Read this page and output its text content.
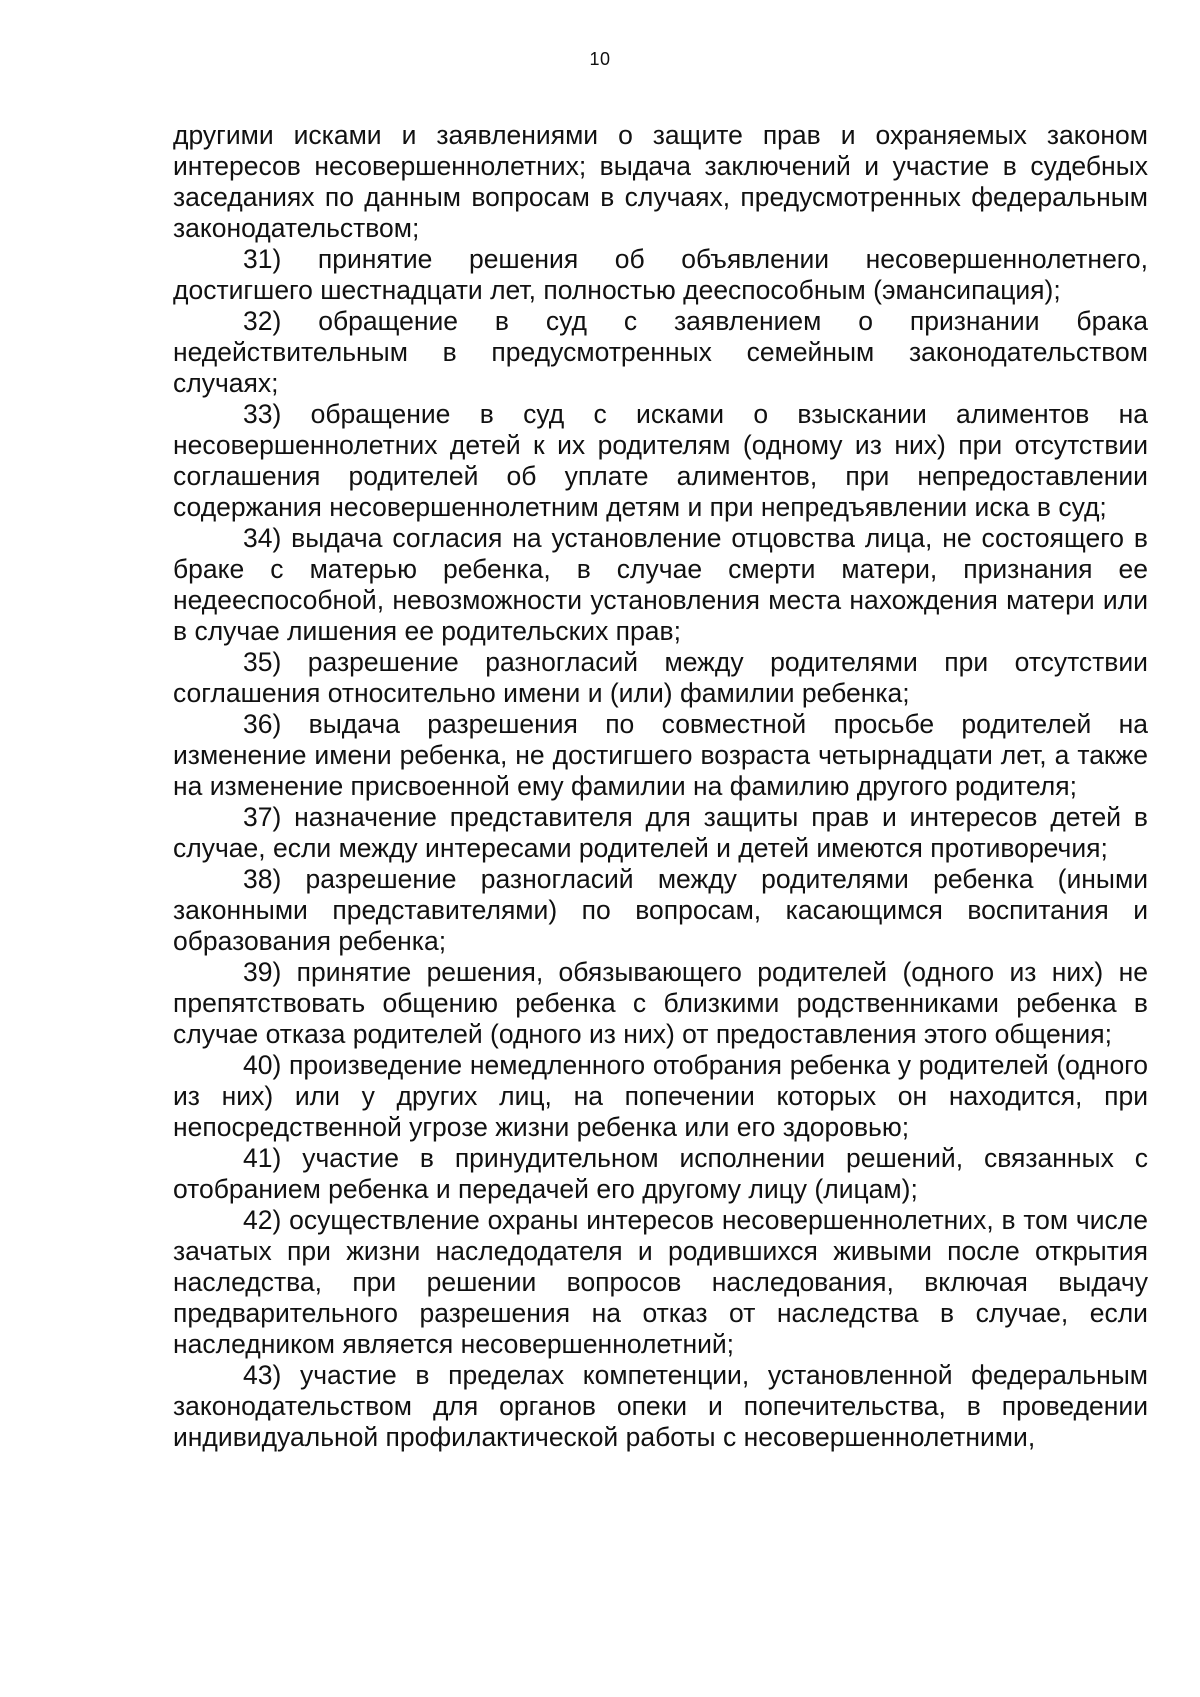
10

другими исками и заявлениями о защите прав и охраняемых законом интересов несовершеннолетних; выдача заключений и участие в судебных заседаниях по данным вопросам в случаях, предусмотренных федеральным законодательством;

31) принятие решения об объявлении несовершеннолетнего, достигшего шестнадцати лет, полностью дееспособным (эмансипация);

32) обращение в суд с заявлением о признании брака недействительным в предусмотренных семейным законодательством случаях;

33) обращение в суд с исками о взыскании алиментов на несовершеннолетних детей к их родителям (одному из них) при отсутствии соглашения родителей об уплате алиментов, при непредоставлении содержания несовершеннолетним детям и при непредъявлении иска в суд;

34) выдача согласия на установление отцовства лица, не состоящего в браке с матерью ребенка, в случае смерти матери, признания ее недееспособной, невозможности установления места нахождения матери или в случае лишения ее родительских прав;

35) разрешение разногласий между родителями при отсутствии соглашения относительно имени и (или) фамилии ребенка;

36) выдача разрешения по совместной просьбе родителей на изменение имени ребенка, не достигшего возраста четырнадцати лет, а также на изменение присвоенной ему фамилии на фамилию другого родителя;

37) назначение представителя для защиты прав и интересов детей в случае, если между интересами родителей и детей имеются противоречия;

38) разрешение разногласий между родителями ребенка (иными законными представителями) по вопросам, касающимся воспитания и образования ребенка;

39) принятие решения, обязывающего родителей (одного из них) не препятствовать общению ребенка с близкими родственниками ребенка в случае отказа родителей (одного из них) от предоставления этого общения;

40) произведение немедленного отобрания ребенка у родителей (одного из них) или у других лиц, на попечении которых он находится, при непосредственной угрозе жизни ребенка или его здоровью;

41) участие в принудительном исполнении решений, связанных с отобранием ребенка и передачей его другому лицу (лицам);

42) осуществление охраны интересов несовершеннолетних, в том числе зачатых при жизни наследодателя и родившихся живыми после открытия наследства, при решении вопросов наследования, включая выдачу предварительного разрешения на отказ от наследства в случае, если наследником является несовершеннолетний;

43) участие в пределах компетенции, установленной федеральным законодательством для органов опеки и попечительства, в проведении индивидуальной профилактической работы с несовершеннолетними,
